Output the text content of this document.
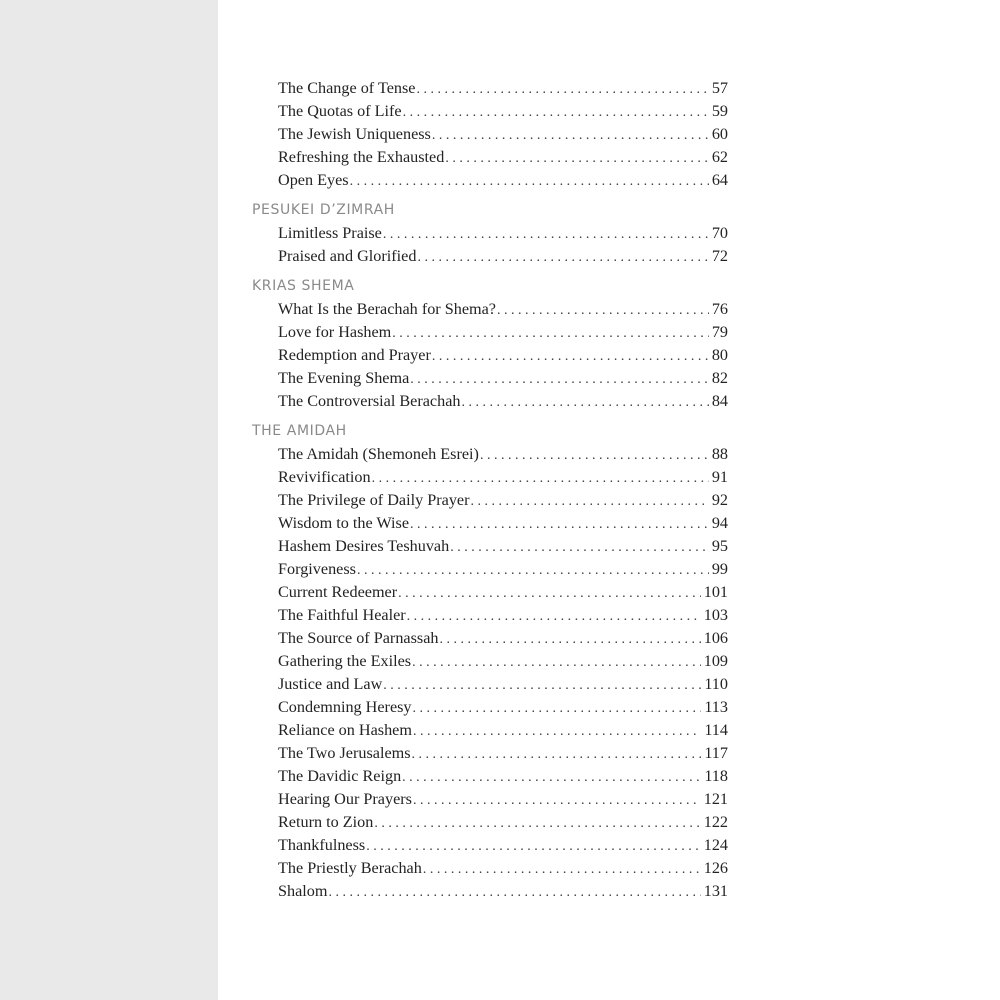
The Change of Tense . . .	57
The Quotas of Life . . .	59
The Jewish Uniqueness . . .	60
Refreshing the Exhausted . . .	62
Open Eyes . . .	64
PESUKEI D’ZIMRAH
Limitless Praise . . .	70
Praised and Glorified . . .	72
KRIAS SHEMA
What Is the Berachah for Shema? . . .	76
Love for Hashem . . .	79
Redemption and Prayer . . .	80
The Evening Shema . . .	82
The Controversial Berachah . . .	84
THE AMIDAH
The Amidah (Shemoneh Esrei) . . .	88
Revivification . . .	91
The Privilege of Daily Prayer . . .	92
Wisdom to the Wise . . .	94
Hashem Desires Teshuvah . . .	95
Forgiveness . . .	99
Current Redeemer . . .	101
The Faithful Healer . . .	103
The Source of Parnassah . . .	106
Gathering the Exiles . . .	109
Justice and Law . . .	110
Condemning Heresy . . .	113
Reliance on Hashem . . .	114
The Two Jerusalems . . .	117
The Davidic Reign . . .	118
Hearing Our Prayers . . .	121
Return to Zion . . .	122
Thankfulness . . .	124
The Priestly Berachah . . .	126
Shalom . . .	131
